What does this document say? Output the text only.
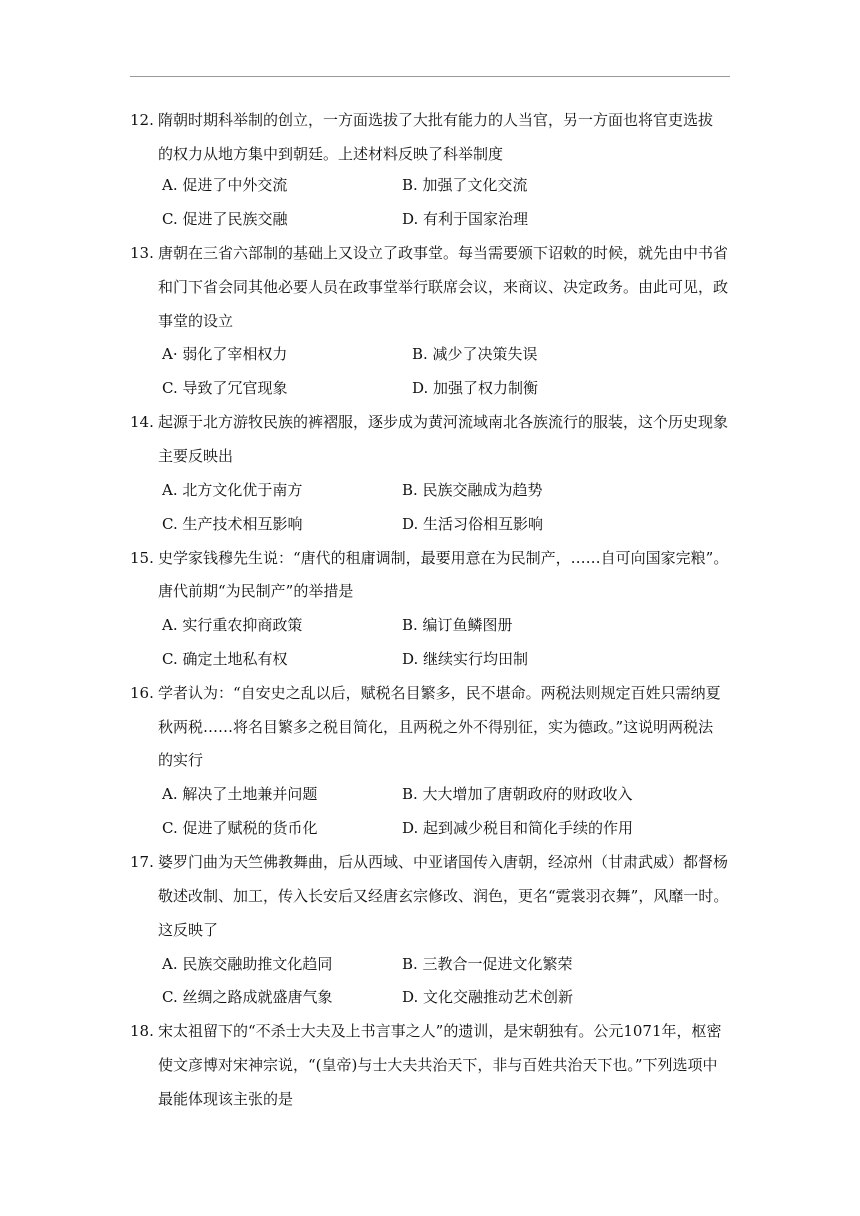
12. 隋朝时期科举制的创立，一方面选拔了大批有能力的人当官，另一方面也将官吏选拔
的权力从地方集中到朝廷。上述材料反映了科举制度
A. 促进了中外交流	B. 加强了文化交流
C. 促进了民族交融	D. 有利于国家治理
13. 唐朝在三省六部制的基础上又设立了政事堂。每当需要颁下诏敕的时候，就先由中书省
和门下省会同其他必要人员在政事堂举行联席会议，来商议、决定政务。由此可见，政
事堂的设立
A· 弱化了宰相权力	B. 减少了决策失误
C. 导致了冗官现象	D. 加强了权力制衡
14. 起源于北方游牧民族的裤褶服，逐步成为黄河流域南北各族流行的服装，这个历史现象
主要反映出
A. 北方文化优于南方	B. 民族交融成为趋势
C. 生产技术相互影响	D. 生活习俗相互影响
15. 史学家钱穆先生说：“唐代的租庸调制，最要用意在为民制产，……自可向国家完粮”。
唐代前期“为民制产”的举措是
A. 实行重农抑商政策	B. 编订鱼鳞图册
C. 确定土地私有权	D. 继续实行均田制
16. 学者认为：“自安史之乱以后，赋税名目繁多，民不堪命。两税法则规定百姓只需纳夏
秋两税……将名目繁多之税目简化，且两税之外不得别征，实为德政。”这说明两税法
的实行
A. 解决了土地兼并问题	B. 大大增加了唐朝政府的财政收入
C. 促进了赋税的货币化	D. 起到减少税目和简化手续的作用
17. 婆罗门曲为天竺佛教舞曲，后从西域、中亚诸国传入唐朝，经凉州（甘肃武威）都督杨
敬述改制、加工，传入长安后又经唐玄宗修改、润色，更名“霓裳羽衣舞”，风靡一时。
这反映了
A. 民族交融助推文化趋同	B. 三教合一促进文化繁荣
C. 丝绸之路成就盛唐气象	D. 文化交融推动艺术创新
18. 宋太祖留下的“不杀士大夫及上书言事之人”的遗训，是宋朝独有。公元1071年，枢密
使文彦博对宋神宗说，“(皇帝)与士大夫共治天下，非与百姓共治天下也。”下列选项中
最能体现该主张的是
